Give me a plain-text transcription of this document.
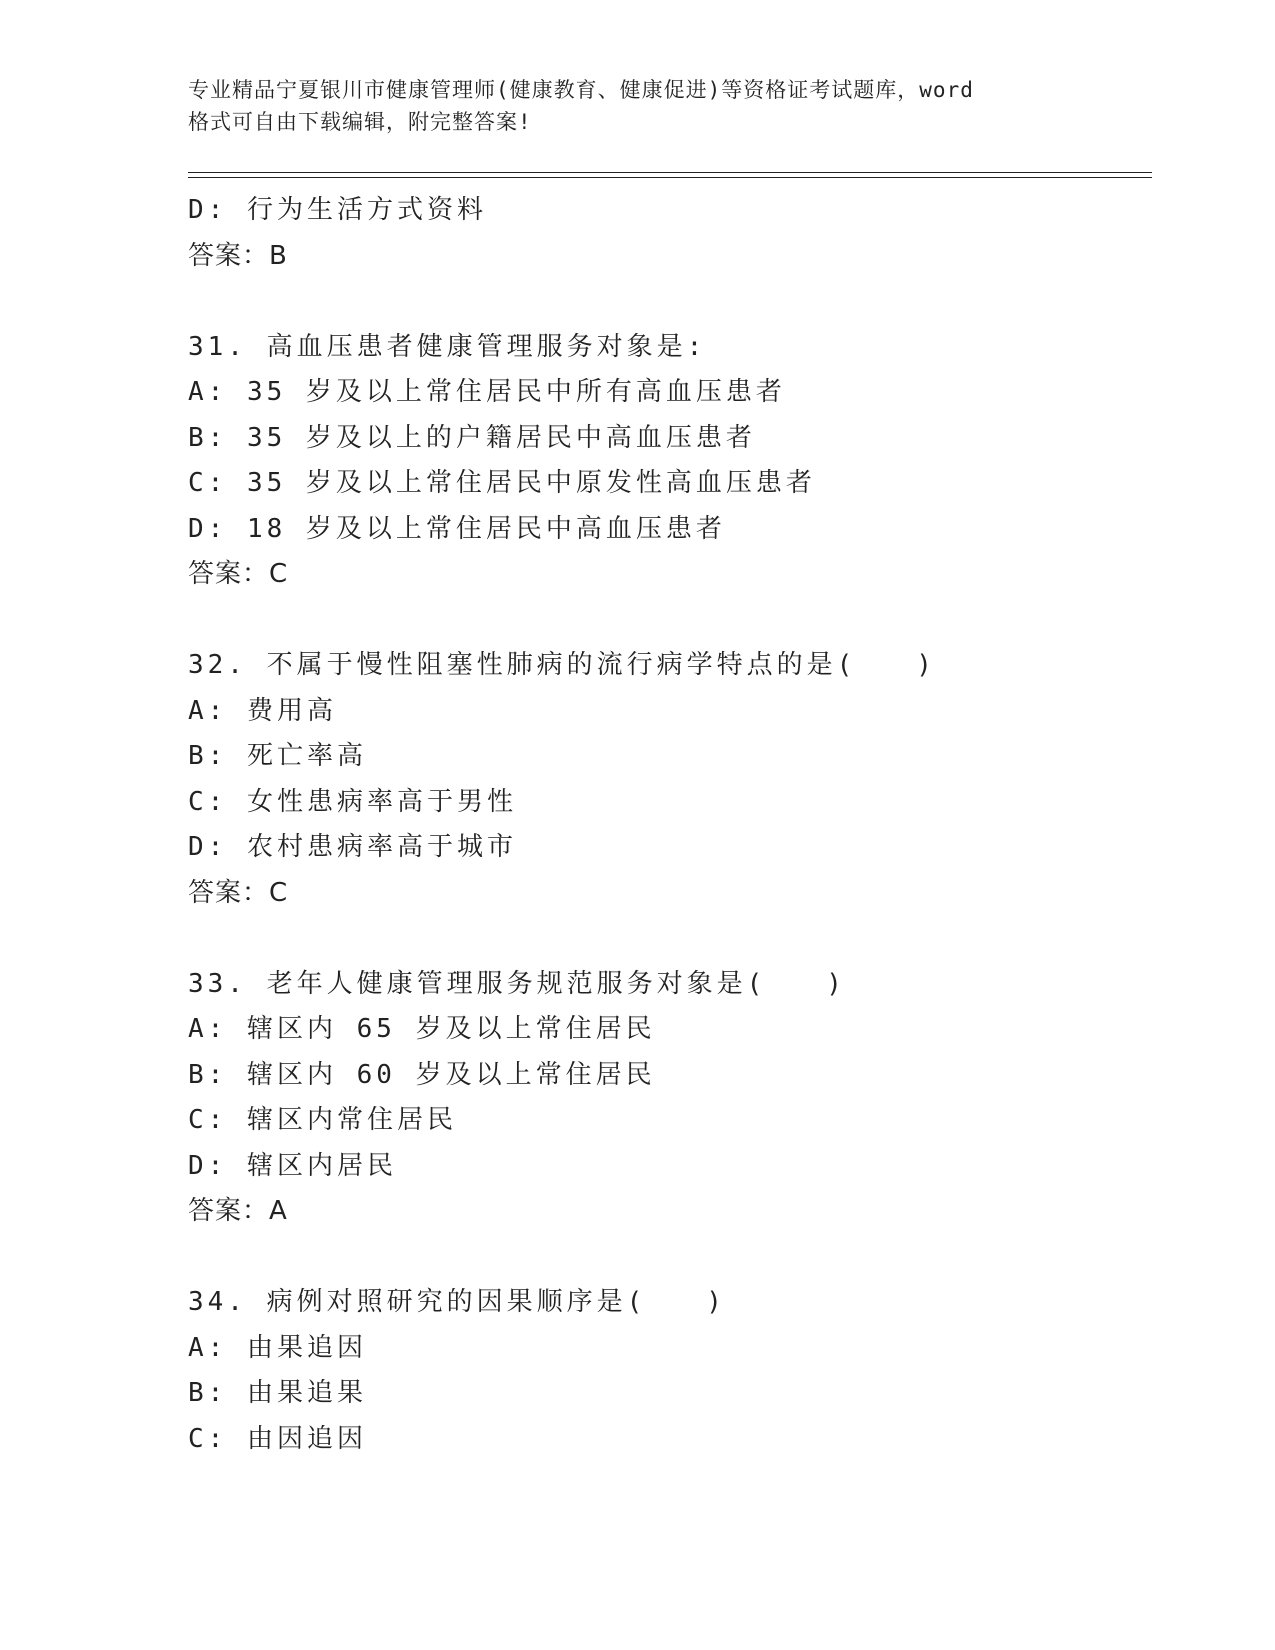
专业精品宁夏银川市健康管理师(健康教育、健康促进)等资格证考试题库，word
格式可自由下载编辑，附完整答案!
D: 行为生活方式资料
答案：B
31. 高血压患者健康管理服务对象是:
A: 35 岁及以上常住居民中所有高血压患者
B: 35 岁及以上的户籍居民中高血压患者
C: 35 岁及以上常住居民中原发性高血压患者
D: 18 岁及以上常住居民中高血压患者
答案：C
32. 不属于慢性阻塞性肺病的流行病学特点的是(　　)
A: 费用高
B: 死亡率高
C: 女性患病率高于男性
D: 农村患病率高于城市
答案：C
33. 老年人健康管理服务规范服务对象是(　　)
A: 辖区内 65 岁及以上常住居民
B: 辖区内 60 岁及以上常住居民
C: 辖区内常住居民
D: 辖区内居民
答案：A
34. 病例对照研究的因果顺序是(　　)
A: 由果追因
B: 由果追果
C: 由因追因
